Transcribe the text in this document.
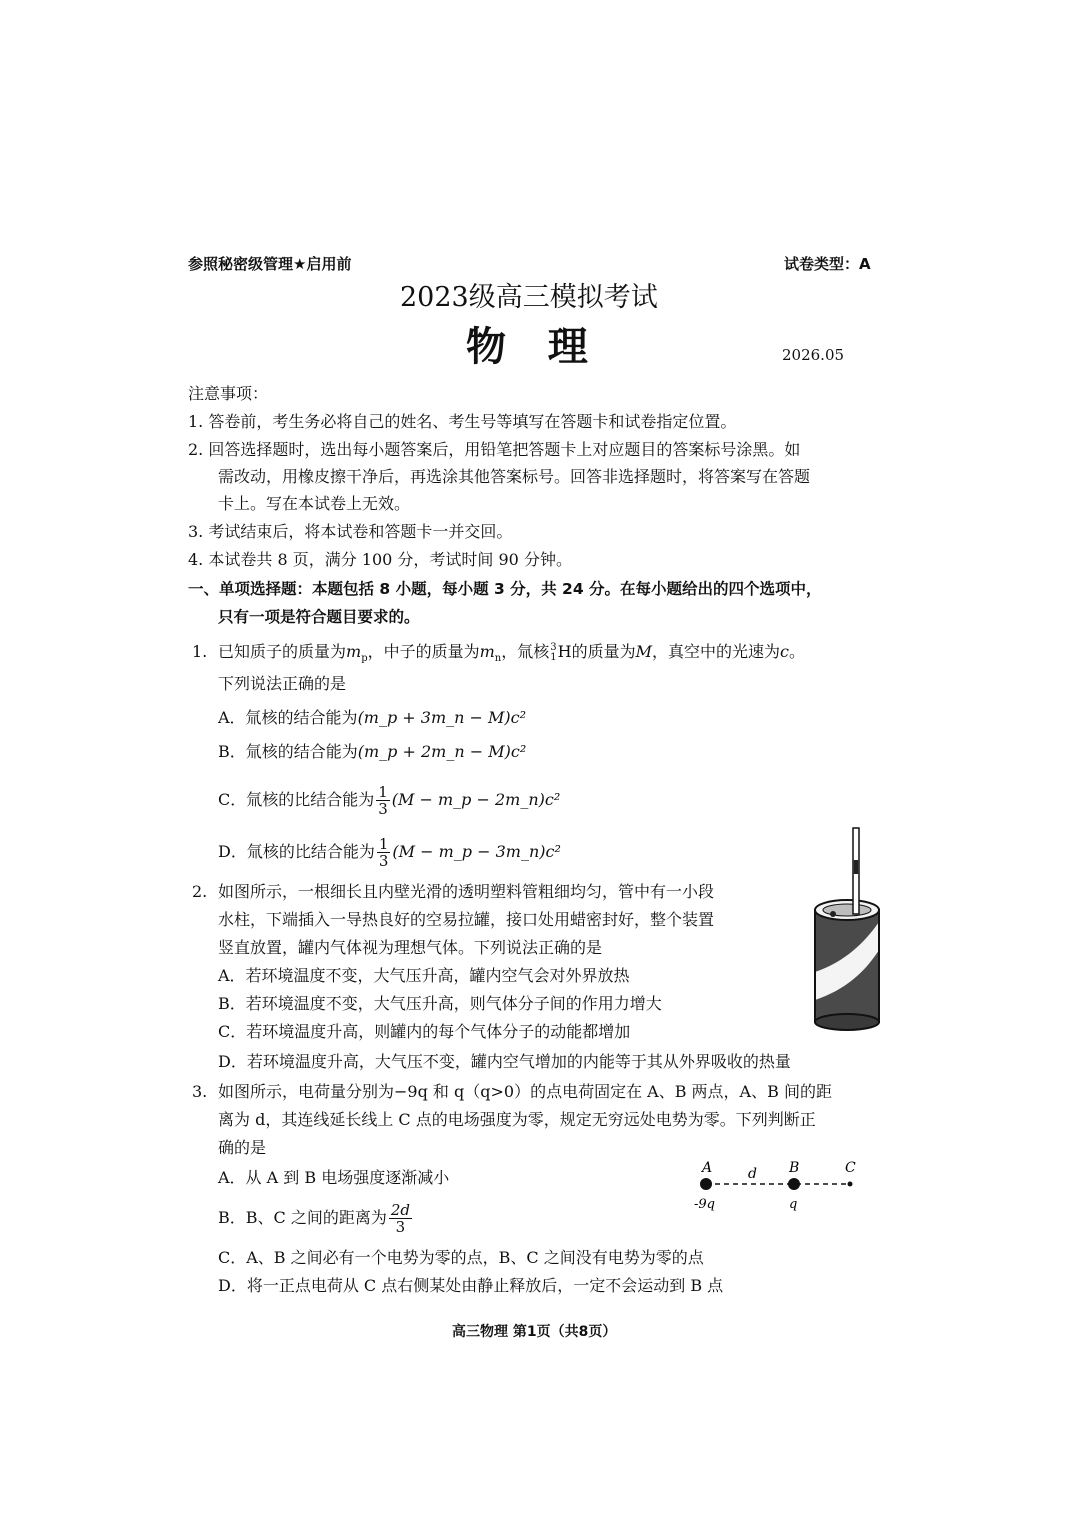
参照秘密级管理★启用前	试卷类型：A
2023级高三模拟考试
物   理	2026.05
注意事项：
1. 答卷前，考生务必将自己的姓名、考生号等填写在答题卡和试卷指定位置。
2. 回答选择题时，选出每小题答案后，用铅笔把答题卡上对应题目的答案标号涂黑。如
需改动，用橡皮擦干净后，再选涂其他答案标号。回答非选择题时，将答案写在答题
卡上。写在本试卷上无效。
3. 考试结束后，将本试卷和答题卡一并交回。
4. 本试卷共 8 页，满分 100 分，考试时间 90 分钟。
一、单项选择题：本题包括 8 小题，每小题 3 分，共 24 分。在每小题给出的四个选项中，
只有一项是符合题目要求的。
1. 已知质子的质量为$m_p$，中子的质量为$m_n$，氚核 3
1 H的质量为M，真空中的光速为c。
下列说法正确的是
A．氚核的结合能为(m_p + 3m_n − M)c²
B．氚核的结合能为(m_p + 2m_n − M)c²
C．氚核的比结合能为 $\frac{1}{3} (M$ − m_p − 2m_n)c²
D．氚核的比结合能为 $\frac{1}{3} (M$ − m_p − 3m_n)c²
2. 如图所示，一根细长且内壁光滑的透明塑料管粗细均匀，管中有一小段
水柱，下端插入一导热良好的空易拉罐，接口处用蜡密封好，整个装置
竖直放置，罐内气体视为理想气体。下列说法正确的是
A．若环境温度不变，大气压升高，罐内空气会对外界放热
B．若环境温度不变，大气压升高，则气体分子间的作用力增大
C．若环境温度升高，则罐内的每个气体分子的动能都增加
D．若环境温度升高，大气压不变，罐内空气增加的内能等于其从外界吸收的热量
3. 如图所示，电荷量分别为−9q 和 q（q>0）的点电荷固定在 A、B 两点，A、B 间的距
离为 d，其连线延长线上 C 点的电场强度为零，规定无穷远处电势为零。下列判断正
确的是
A．从 A 到 B 电场强度逐渐减小
B．B、C 之间的距离为 $\frac{2d}{3}$
C．A、B 之间必有一个电势为零的点，B、C 之间没有电势为零的点
D．将一正点电荷从 C 点右侧某处由静止释放后，一定不会运动到 B 点
A	d B	C
-9q	q
高三物理 第1页（共8页）
